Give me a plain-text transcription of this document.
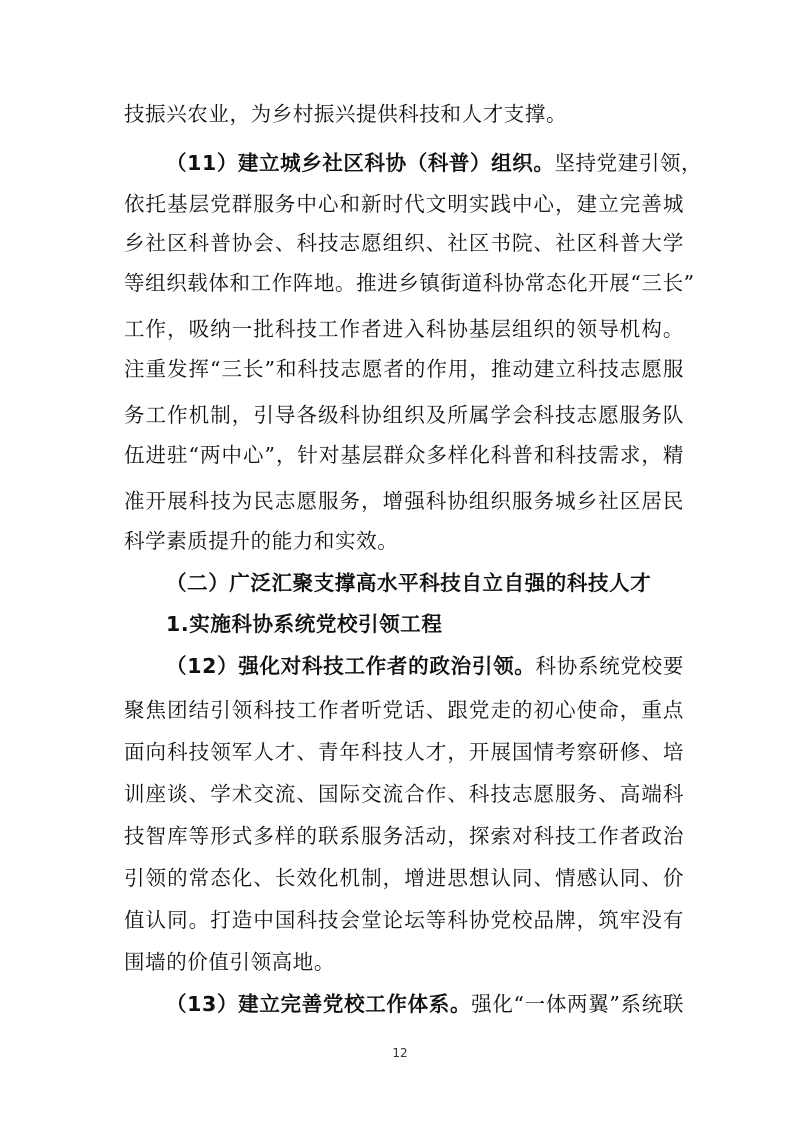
技振兴农业，为乡村振兴提供科技和人才支撑。
（11）建立城乡社区科协（科普）组织。坚持党建引领，
依托基层党群服务中心和新时代文明实践中心，建立完善城
乡社区科普协会、科技志愿组织、社区书院、社区科普大学
等组织载体和工作阵地。推进乡镇街道科协常态化开展“三长”
工作，吸纳一批科技工作者进入科协基层组织的领导机构。
注重发挥“三长”和科技志愿者的作用，推动建立科技志愿服
务工作机制，引导各级科协组织及所属学会科技志愿服务队
伍进驻“两中心”，针对基层群众多样化科普和科技需求，精
准开展科技为民志愿服务，增强科协组织服务城乡社区居民
科学素质提升的能力和实效。
（二）广泛汇聚支撑高水平科技自立自强的科技人才
1.实施科协系统党校引领工程
（12）强化对科技工作者的政治引领。科协系统党校要
聚焦团结引领科技工作者听党话、跟党走的初心使命，重点
面向科技领军人才、青年科技人才，开展国情考察研修、培
训座谈、学术交流、国际交流合作、科技志愿服务、高端科
技智库等形式多样的联系服务活动，探索对科技工作者政治
引领的常态化、长效化机制，增进思想认同、情感认同、价
值认同。打造中国科技会堂论坛等科协党校品牌，筑牢没有
围墙的价值引领高地。
（13）建立完善党校工作体系。强化“一体两翼”系统联
12
